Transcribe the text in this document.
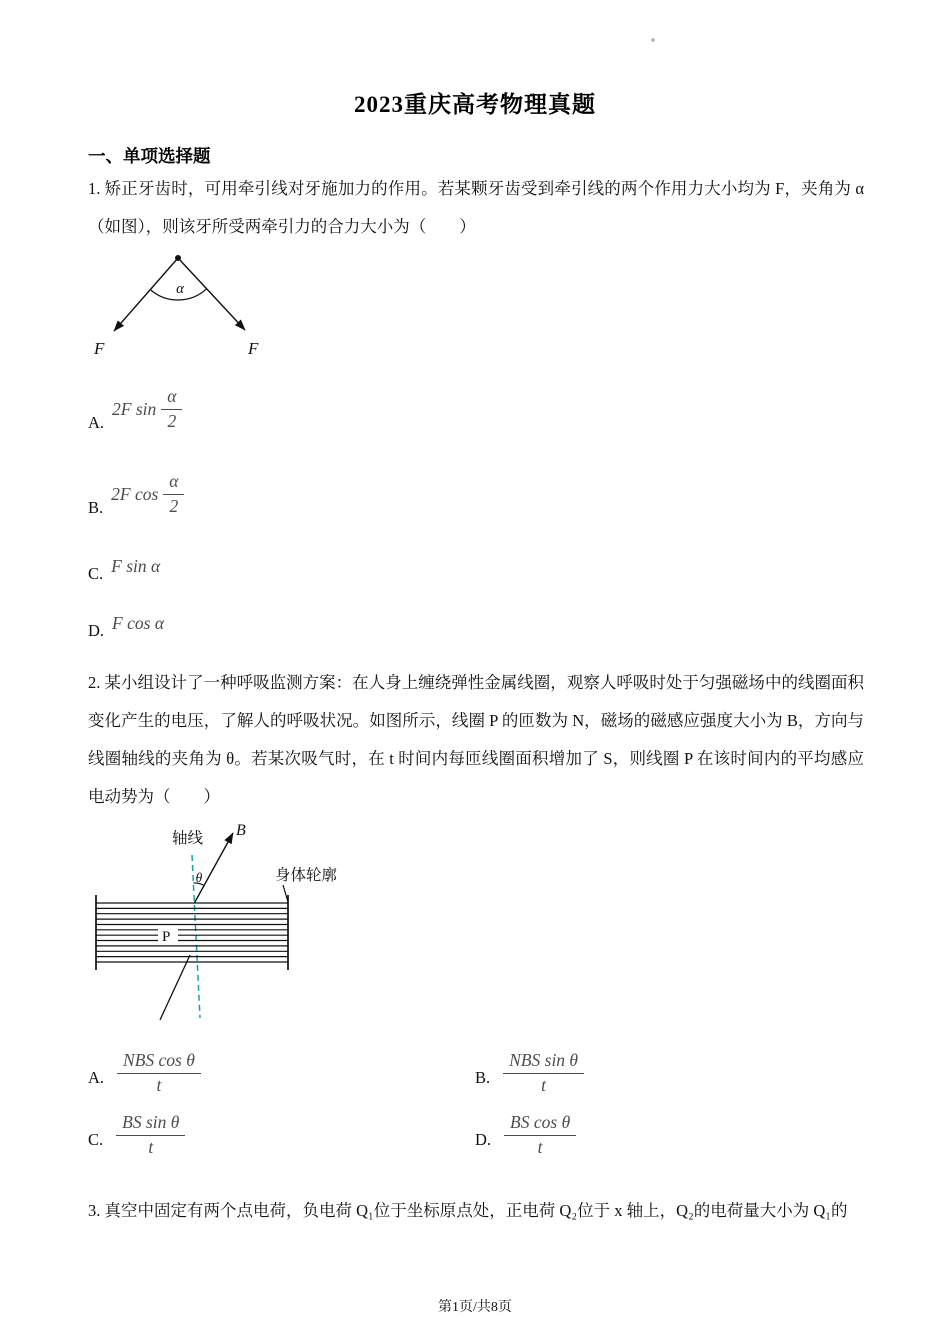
2023重庆高考物理真题
一、单项选择题

1. 矫正牙齿时，可用牵引线对牙施加力的作用。若某颗牙齿受到牵引线的两个作用力大小均为 F，夹角为 α（如图），则该牙所受两牵引力的合力大小为（　　）

α
F	F
A.
2F $\sin \frac{\alpha}{2}$
B.
2F $\cos \frac{\alpha}{2}$
C. F sin α
D. F cos α

2. 某小组设计了一种呼吸监测方案：在人身上缠绕弹性金属线圈，观察人呼吸时处于匀强磁场中的线圈面积变化产生的电压，了解人的呼吸状况。如图所示，线圈 P 的匝数为 N，磁场的磁感应强度大小为 B，方向与线圈轴线的夹角为 θ。若某次吸气时，在 t 时间内每匝线圈面积增加了 S，则线圈 P 在该时间内的平均感应电动势为（　　）

θ
轴线 B
P
身体轮廓
A. $\frac{\text{NBS cos θ}}{t}$	B. $\frac{\text{NBS sin θ}}{t}$
C. $\frac{\text{BS sin θ}}{t}$	D. $\frac{\text{BS cos θ}}{t}$

3. 真空中固定有两个点电荷，负电荷 Q₁位于坐标原点处，正电荷 Q₂位于 x 轴上，Q₂的电荷量大小为 Q₁的

第1页/共8页
